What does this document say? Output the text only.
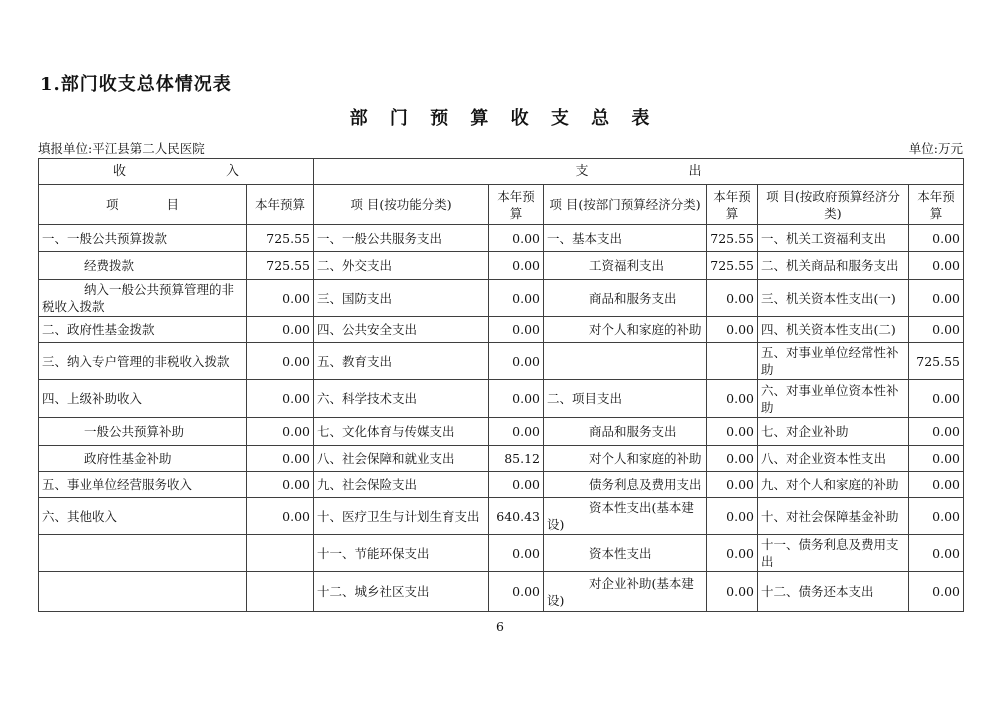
1.部门收支总体情况表
部 门 预 算 收 支 总 表
填报单位:平江县第二人民医院	单位:万元
收 入		支 出					

项 目	本年预算	项 目(按功能分类)	本年预算	项 目(按部门预算经济分类)	本年预算	项 目(按政府预算经济分类)	本年预算
一、一般公共预算拨款	725.55	一、一般公共服务支出	0.00	一、基本支出	725.55	一、机关工资福利支出	0.00
经费拨款	725.55	二、外交支出	0.00	工资福利支出	725.55	二、机关商品和服务支出	0.00
纳入一般公共预算管理的非税收入拨款	0.00	三、国防支出	0.00	商品和服务支出	0.00	三、机关资本性支出(一)	0.00
二、政府性基金拨款	0.00	四、公共安全支出	0.00	对个人和家庭的补助	0.00	四、机关资本性支出(二)	0.00
三、纳入专户管理的非税收入拨款	0.00	五、教育支出	0.00			五、对事业单位经常性补助	725.55
四、上级补助收入	0.00	六、科学技术支出	0.00	二、项目支出	0.00	六、对事业单位资本性补助	0.00
一般公共预算补助	0.00	七、文化体育与传媒支出	0.00	商品和服务支出	0.00	七、对企业补助	0.00
政府性基金补助	0.00	八、社会保障和就业支出	85.12	对个人和家庭的补助	0.00	八、对企业资本性支出	0.00
五、事业单位经营服务收入	0.00	九、社会保险支出	0.00	债务利息及费用支出	0.00	九、对个人和家庭的补助	0.00
六、其他收入	0.00	十、医疗卫生与计划生育支出	640.43	资本性支出(基本建设)	0.00	十、对社会保障基金补助	0.00
		十一、节能环保支出	0.00	资本性支出	0.00	十一、债务利息及费用支出	0.00
		十二、城乡社区支出	0.00	对企业补助(基本建设)	0.00	十二、债务还本支出	0.00
6
